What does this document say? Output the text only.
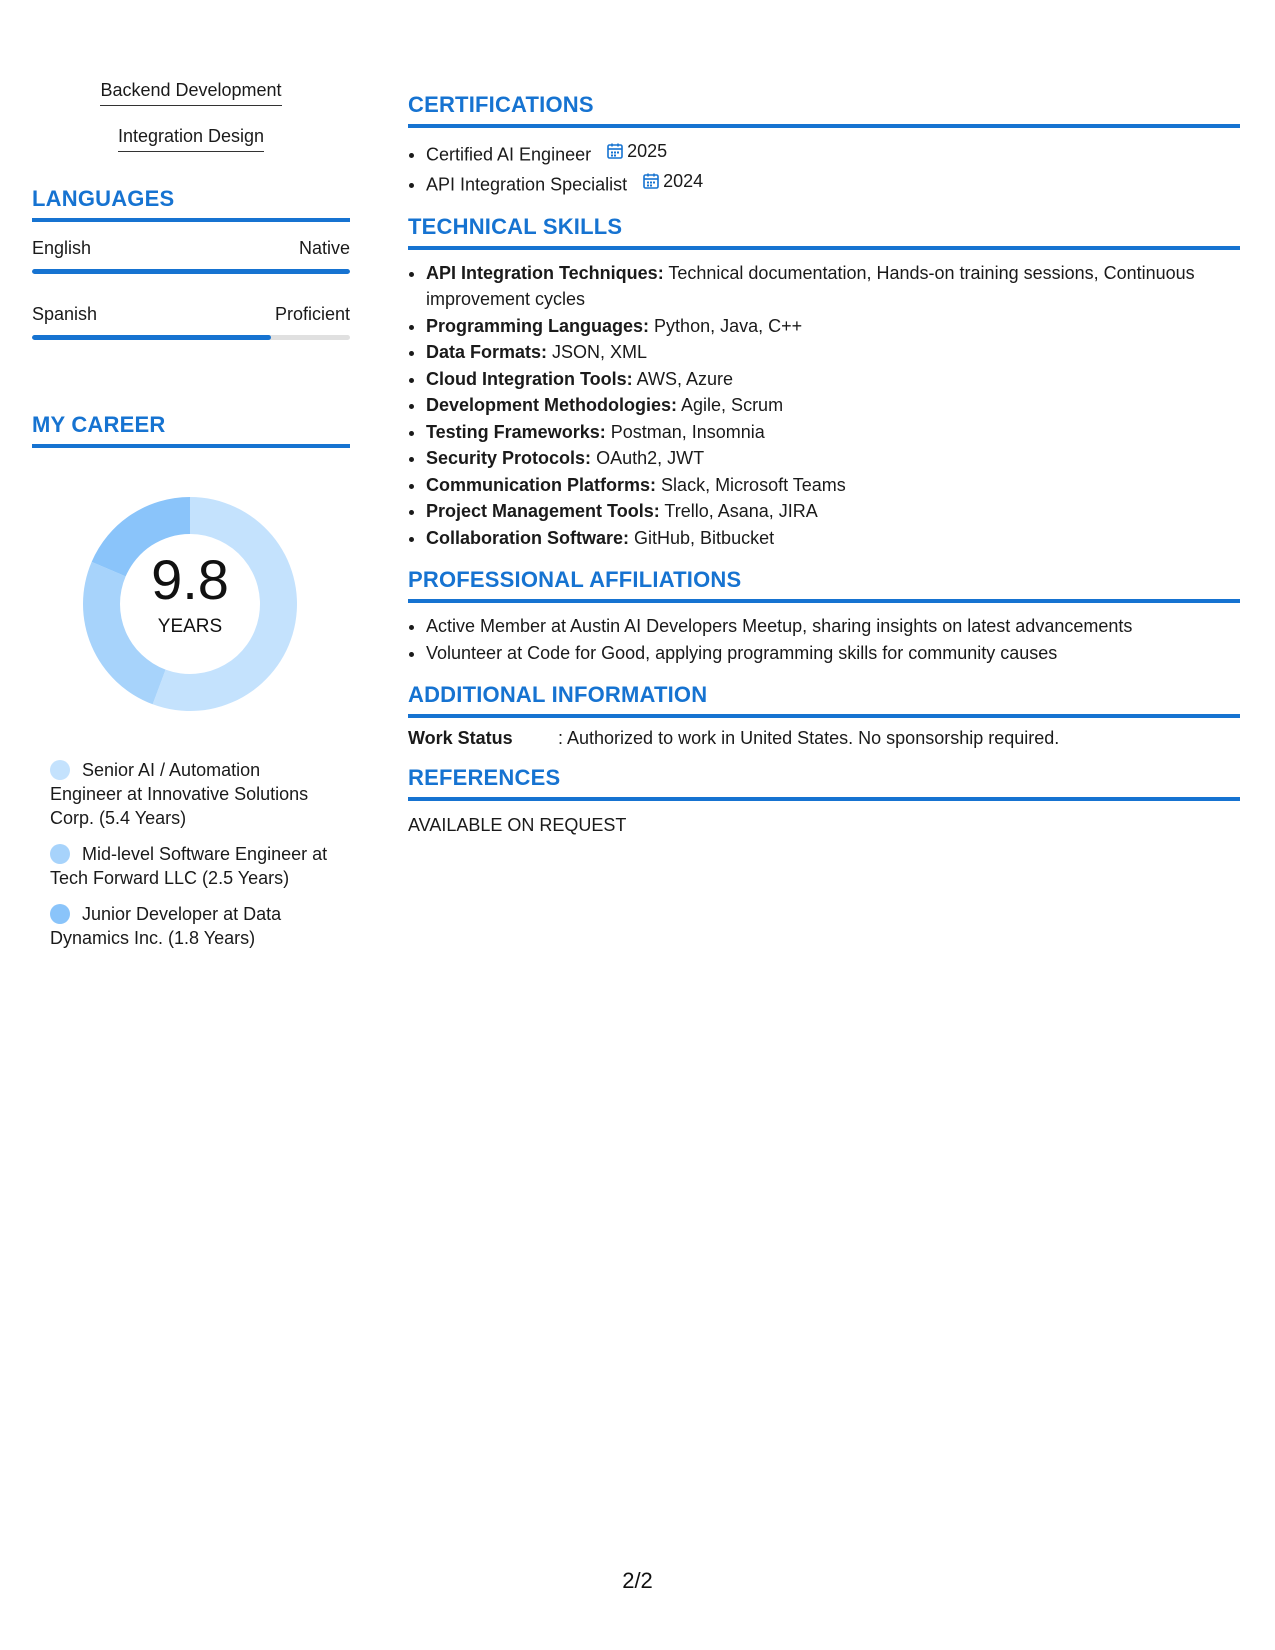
Backend Development
Integration Design
LANGUAGES
English	Native
Spanish	Proficient
MY CAREER
9.8
YEARS
Senior AI / Automation Engineer at Innovative Solutions Corp. (5.4 Years)
Mid-level Software Engineer at Tech Forward LLC (2.5 Years)
Junior Developer at Data Dynamics Inc. (1.8 Years)
CERTIFICATIONS
• Certified AI Engineer 2025
• API Integration Specialist 2024
TECHNICAL SKILLS
• API Integration Techniques: Technical documentation, Hands-on training sessions, Continuous improvement cycles
• Programming Languages: Python, Java, C++
• Data Formats: JSON, XML
• Cloud Integration Tools: AWS, Azure
• Development Methodologies: Agile, Scrum
• Testing Frameworks: Postman, Insomnia
• Security Protocols: OAuth2, JWT
• Communication Platforms: Slack, Microsoft Teams
• Project Management Tools: Trello, Asana, JIRA
• Collaboration Software: GitHub, Bitbucket
PROFESSIONAL AFFILIATIONS
• Active Member at Austin AI Developers Meetup, sharing insights on latest advancements
• Volunteer at Code for Good, applying programming skills for community causes
ADDITIONAL INFORMATION
Work Status	: Authorized to work in United States. No sponsorship required.
REFERENCES
AVAILABLE ON REQUEST
2/2
